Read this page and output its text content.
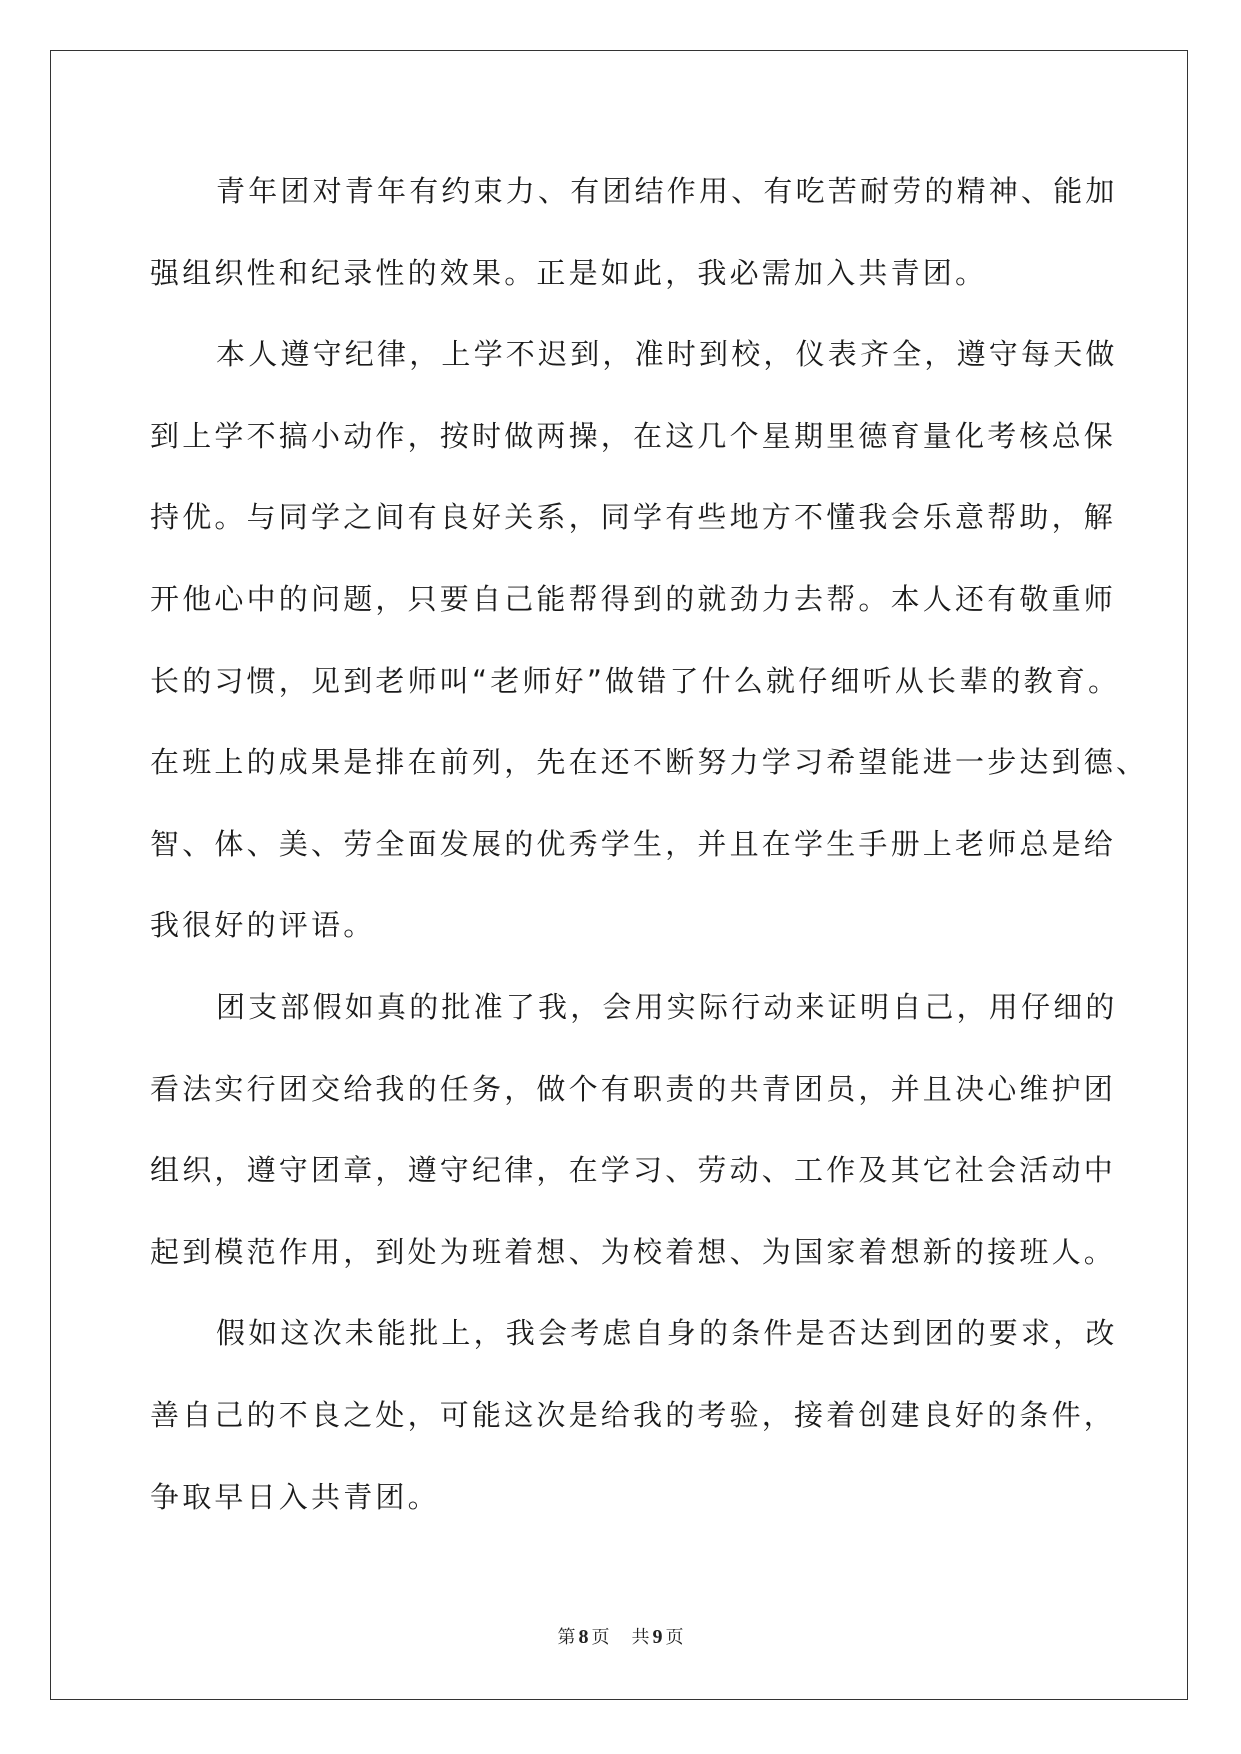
青年团对青年有约束力、有团结作用、有吃苦耐劳的精神、能加
强组织性和纪录性的效果。正是如此，我必需加入共青团。
本人遵守纪律，上学不迟到，准时到校，仪表齐全，遵守每天做
到上学不搞小动作，按时做两操，在这几个星期里德育量化考核总保
持优。与同学之间有良好关系，同学有些地方不懂我会乐意帮助，解
开他心中的问题，只要自己能帮得到的就劲力去帮。本人还有敬重师
长的习惯，见到老师叫“老师好”做错了什么就仔细听从长辈的教育。
在班上的成果是排在前列，先在还不断努力学习希望能进一步达到德、
智、体、美、劳全面发展的优秀学生，并且在学生手册上老师总是给
我很好的评语。
团支部假如真的批准了我，会用实际行动来证明自己，用仔细的
看法实行团交给我的任务，做个有职责的共青团员，并且决心维护团
组织，遵守团章，遵守纪律，在学习、劳动、工作及其它社会活动中
起到模范作用，到处为班着想、为校着想、为国家着想新的接班人。
假如这次未能批上，我会考虑自身的条件是否达到团的要求，改
善自己的不良之处，可能这次是给我的考验，接着创建良好的条件，
争取早日入共青团。
第 8 页 共 9 页
